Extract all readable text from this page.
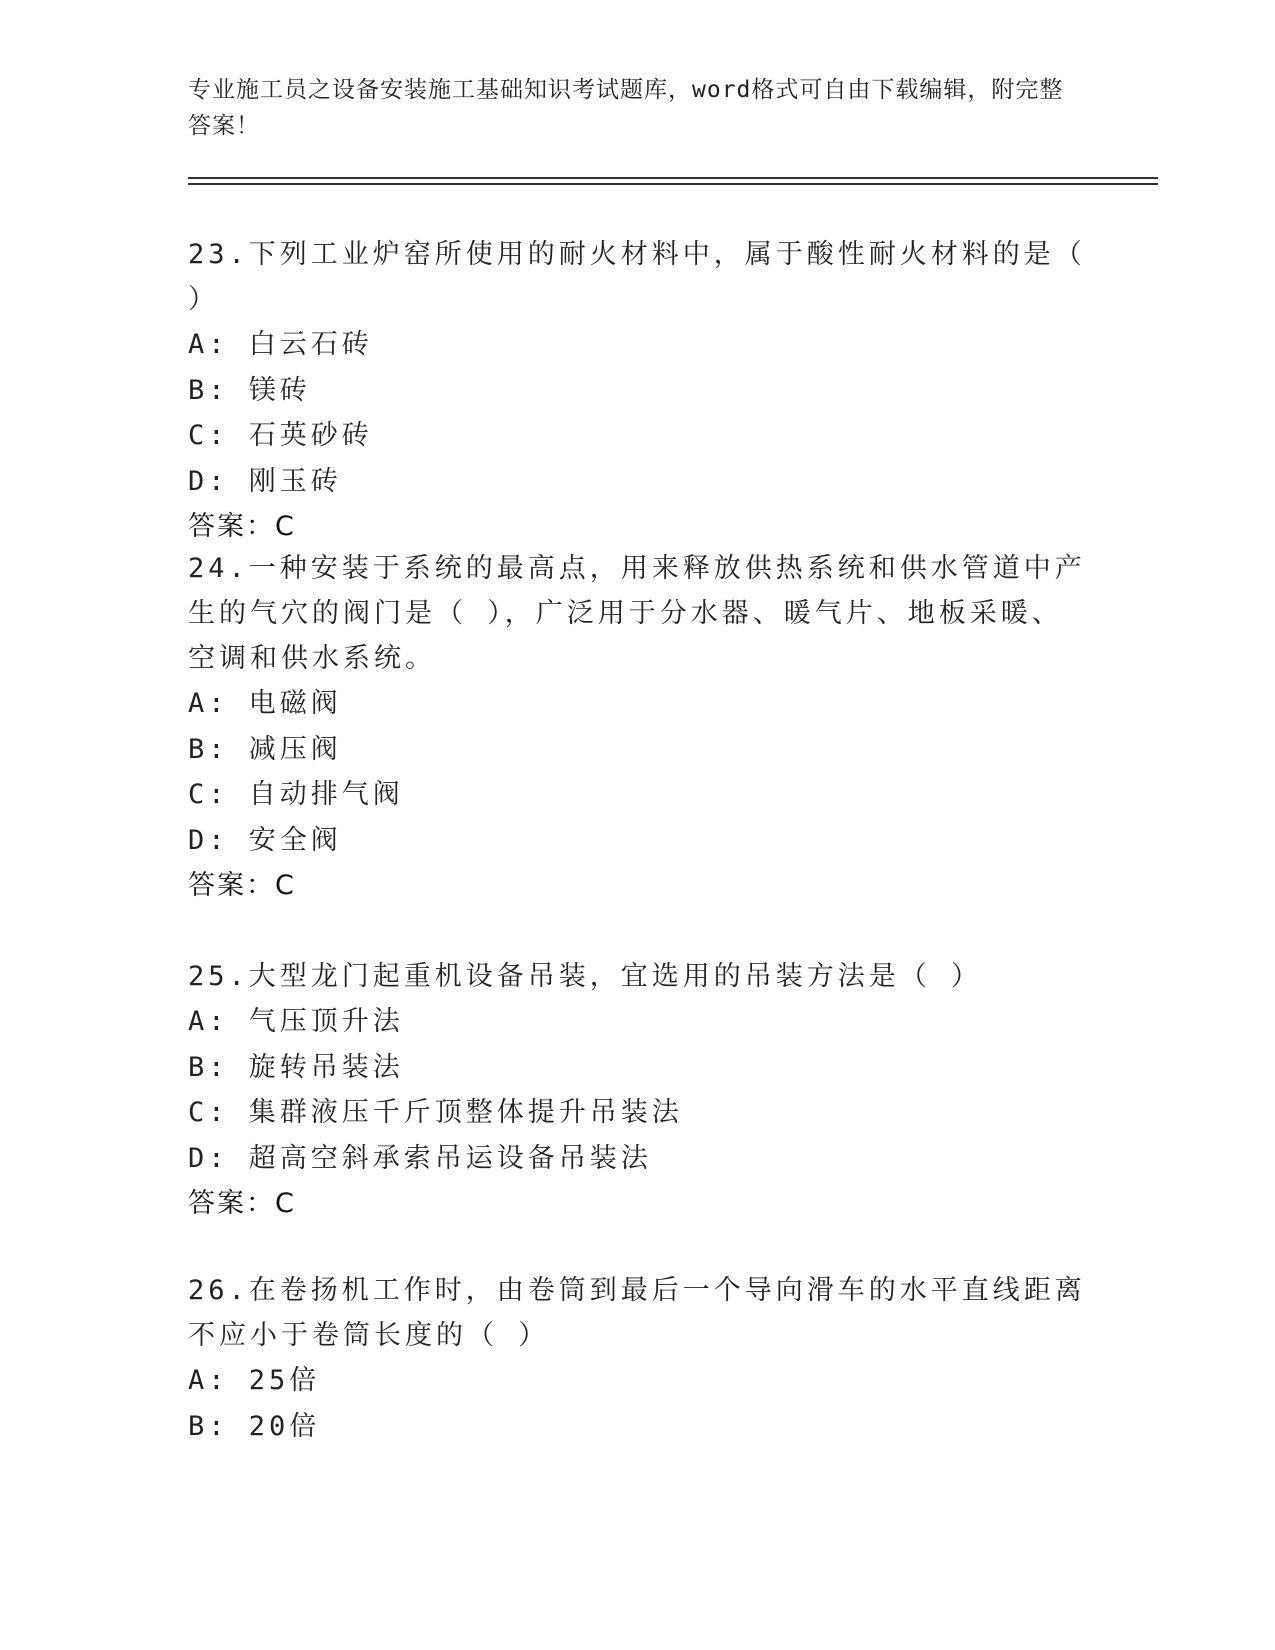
专业施工员之设备安装施工基础知识考试题库，word格式可自由下载编辑，附完整答案！

23.下列工业炉窑所使用的耐火材料中，属于酸性耐火材料的是（ ）

A: 白云石砖

B: 镁砖

C: 石英砂砖

D: 刚玉砖

答案：C

24.一种安装于系统的最高点，用来释放供热系统和供水管道中产生的气穴的阀门是（ ），广泛用于分水器、暖气片、地板采暖、空调和供水系统。

A: 电磁阀

B: 减压阀

C: 自动排气阀

D: 安全阀

答案：C

25.大型龙门起重机设备吊装，宜选用的吊装方法是（ ）

A: 气压顶升法

B: 旋转吊装法

C: 集群液压千斤顶整体提升吊装法

D: 超高空斜承索吊运设备吊装法

答案：C

26.在卷扬机工作时，由卷筒到最后一个导向滑车的水平直线距离不应小于卷筒长度的（ ）

A: 25倍

B: 20倍
